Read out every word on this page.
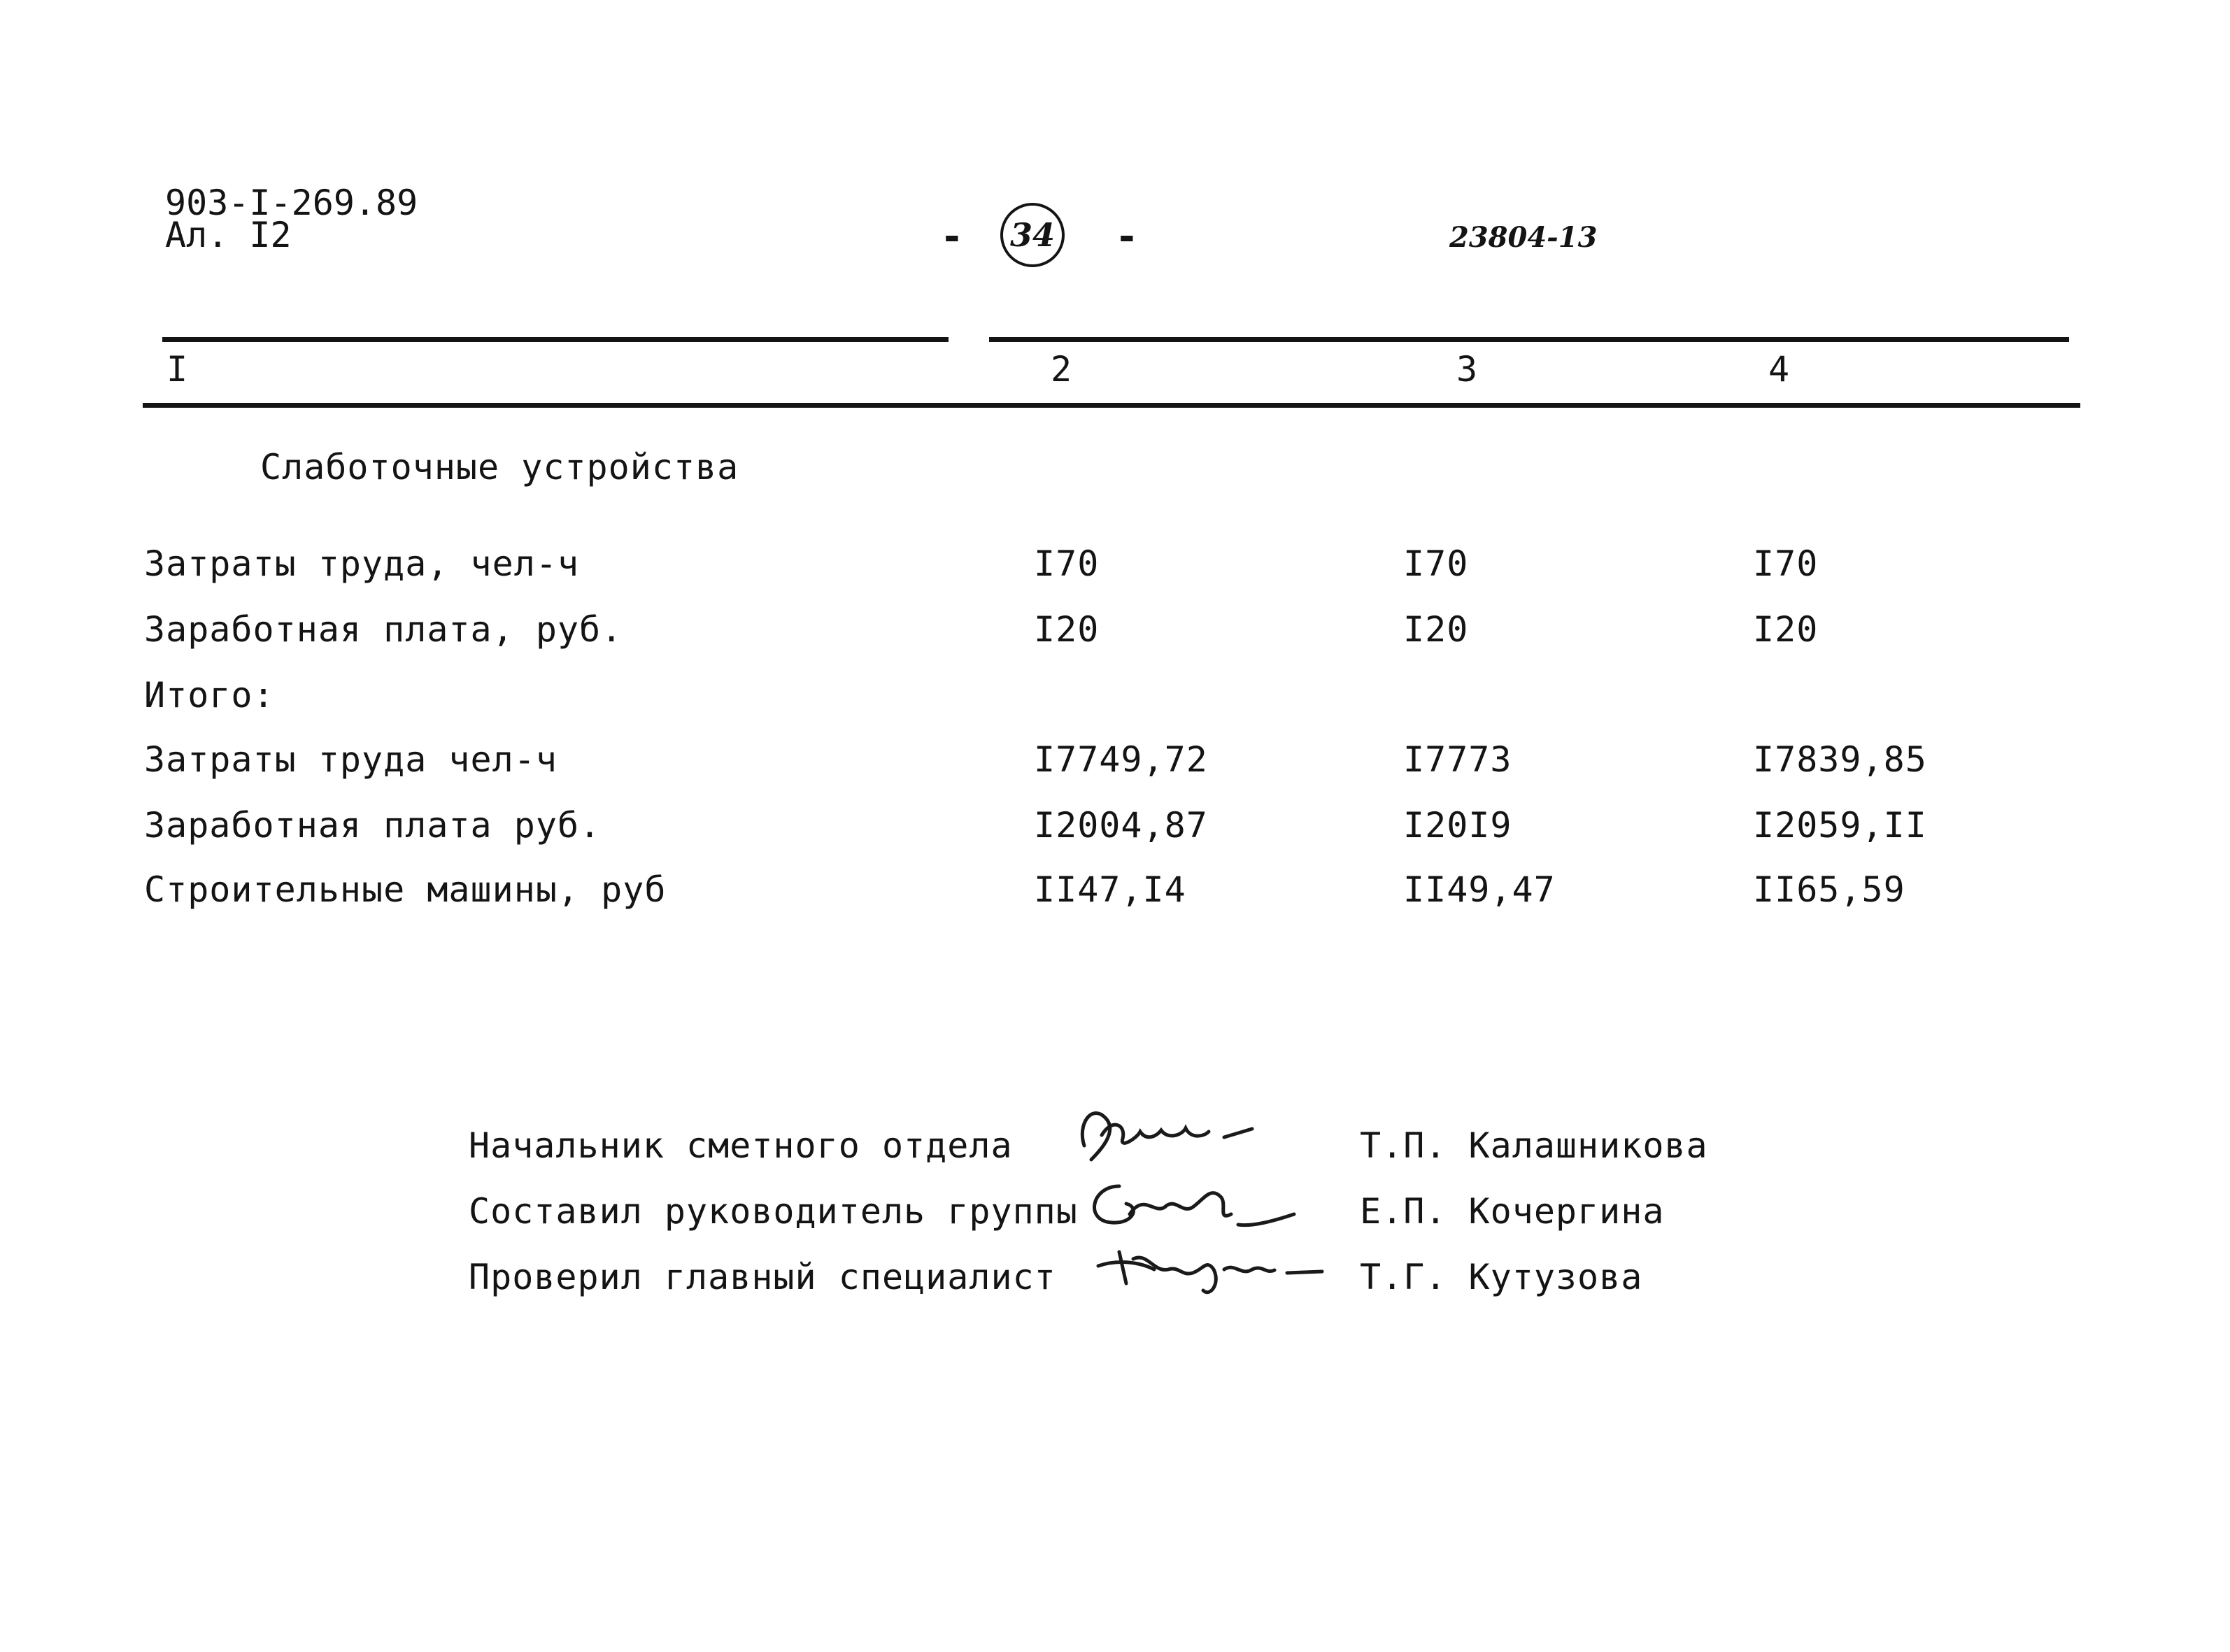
903-I-269.89
Ал. I2	-	34 -	23804-13
I	2	3	4
Слаботочные устройства
Затраты труда, чел-ч	I70	I70	I70
Заработная плата, руб.	I20	I20	I20
Итого:
Затраты труда чел-ч	I7749,72	I7773	I7839,85
Заработная плата руб.	I2004,87	I20I9	I2059,II
Строительные машины, руб	II47,I4	II49,47	II65,59
Начальник сметного отдела	Т.П. Калашникова
Составил руководитель группы	Е.П. Кочергина
Проверил главный специалист	Т.Г. Кутузова
